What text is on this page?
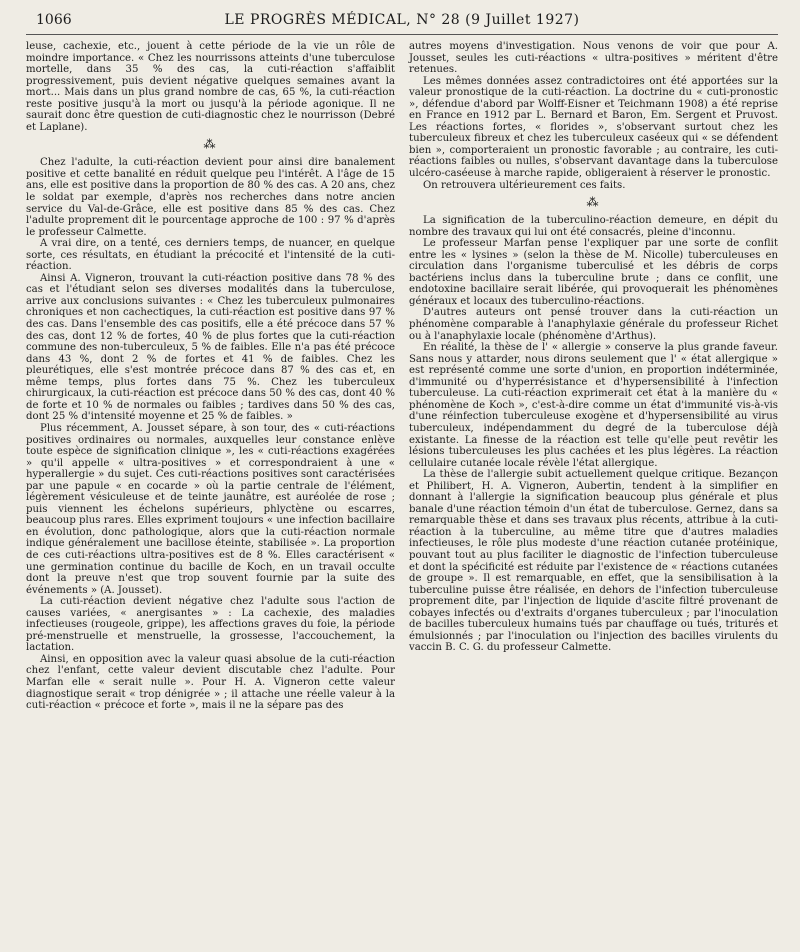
1066	LE PROGRÈS MÉDICAL, N° 28 (9 Juillet 1927)

leuse, cachexie, etc., jouent à cette période de la vie un rôle de moindre importance. « Chez les nourrissons atteints d'une tuberculose mortelle, dans 35 % des cas, la cuti-réaction s'affaiblit progressivement, puis devient négative quelques semaines avant la mort... Mais dans un plus grand nombre de cas, 65 %, la cuti-réaction reste positive jusqu'à la mort ou jusqu'à la période agonique. Il ne saurait donc être question de cuti-diagnostic chez le nourrisson (Debré et Laplane).

⁂

Chez l'adulte, la cuti-réaction devient pour ainsi dire banalement positive et cette banalité en réduit quelque peu l'intérêt. A l'âge de 15 ans, elle est positive dans la proportion de 80 % des cas. A 20 ans, chez le soldat par exemple, d'après nos recherches dans notre ancien service du Val-de-Grâce, elle est positive dans 85 % des cas. Chez l'adulte proprement dit le pourcentage approche de 100 : 97 % d'après le professeur Calmette.

A vrai dire, on a tenté, ces derniers temps, de nuancer, en quelque sorte, ces résultats, en étudiant la précocité et l'intensité de la cuti-réaction.

Ainsi A. Vigneron, trouvant la cuti-réaction positive dans 78 % des cas et l'étudiant selon ses diverses modalités dans la tuberculose, arrive aux conclusions suivantes : « Chez les tuberculeux pulmonaires chroniques et non cachectiques, la cuti-réaction est positive dans 97 % des cas. Dans l'ensemble des cas positifs, elle a été précoce dans 57 % des cas, dont 12 % de fortes, 40 % de plus fortes que la cuti-réaction commune des non-tuberculeux, 5 % de faibles. Elle n'a pas été précoce dans 43 %, dont 2 % de fortes et 41 % de faibles. Chez les pleurétiques, elle s'est montrée précoce dans 87 % des cas et, en même temps, plus fortes dans 75 %. Chez les tuberculeux chirurgicaux, la cuti-réaction est précoce dans 50 % des cas, dont 40 % de forte et 10 % de normales ou faibles ; tardives dans 50 % des cas, dont 25 % d'intensité moyenne et 25 % de faibles. »

Plus récemment, A. Jousset sépare, à son tour, des « cuti-réactions positives ordinaires ou normales, auxquelles leur constance enlève toute espèce de signification clinique », les « cuti-réactions exagérées » qu'il appelle « ultra-positives » et correspondraient à une « hyperallergie » du sujet. Ces cuti-réactions positives sont caractérisées par une papule « en cocarde » où la partie centrale de l'élément, légèrement vésiculeuse et de teinte jaunâtre, est auréolée de rose ; puis viennent les échelons supérieurs, phlyctène ou escarres, beaucoup plus rares. Elles expriment toujours « une infection bacillaire en évolution, donc pathologique, alors que la cuti-réaction normale indique généralement une bacillose éteinte, stabilisée ». La proportion de ces cuti-réactions ultra-positives est de 8 %. Elles caractérisent « une germination continue du bacille de Koch, en un travail occulte dont la preuve n'est que trop souvent fournie par la suite des événements » (A. Jousset).

La cuti-réaction devient négative chez l'adulte sous l'action de causes variées, « anergisantes » : La cachexie, des maladies infectieuses (rougeole, grippe), les affections graves du foie, la période pré-menstruelle et menstruelle, la grossesse, l'accouchement, la lactation.

Ainsi, en opposition avec la valeur quasi absolue de la cuti-réaction chez l'enfant, cette valeur devient discutable chez l'adulte. Pour Marfan elle « serait nulle ». Pour H. A. Vigneron cette valeur diagnostique serait « trop dénigrée » ; il attache une réelle valeur à la cuti-réaction « précoce et forte », mais il ne la sépare pas des

autres moyens d'investigation. Nous venons de voir que pour A. Jousset, seules les cuti-réactions « ultra-positives » méritent d'être retenues.

Les mêmes données assez contradictoires ont été apportées sur la valeur pronostique de la cuti-réaction. La doctrine du « cuti-pronostic », défendue d'abord par Wolff-Eisner et Teichmann 1908) a été reprise en France en 1912 par L. Bernard et Baron, Em. Sergent et Pruvost. Les réactions fortes, « florides », s'observant surtout chez les tuberculeux fibreux et chez les tuberculeux caséeux qui « se défendent bien », comporteraient un pronostic favorable ; au contraire, les cuti-réactions faibles ou nulles, s'observant davantage dans la tuberculose ulcéro-caséeuse à marche rapide, obligeraient à réserver le pronostic.

On retrouvera ultérieurement ces faits.

⁂

La signification de la tuberculino-réaction demeure, en dépit du nombre des travaux qui lui ont été consacrés, pleine d'inconnu.

Le professeur Marfan pense l'expliquer par une sorte de conflit entre les « lysines » (selon la thèse de M. Nicolle) tuberculeuses en circulation dans l'organisme tuberculisé et les débris de corps bactériens inclus dans la tuberculine brute ; dans ce conflit, une endotoxine bacillaire serait libérée, qui provoquerait les phénomènes généraux et locaux des tuberculino-réactions.

D'autres auteurs ont pensé trouver dans la cuti-réaction un phénomène comparable à l'anaphylaxie générale du professeur Richet ou à l'anaphylaxie locale (phénomène d'Arthus).

En réalité, la thèse de l' « allergie » conserve la plus grande faveur. Sans nous y attarder, nous dirons seulement que l' « état allergique » est représenté comme une sorte d'union, en proportion indéterminée, d'immunité ou d'hyperrésistance et d'hypersensibilité à l'infection tuberculeuse. La cuti-réaction exprimerait cet état à la manière du « phénomène de Koch », c'est-à-dire comme un état d'immunité vis-à-vis d'une réinfection tuberculeuse exogène et d'hypersensibilité au virus tuberculeux, indépendamment du degré de la tuberculose déjà existante. La finesse de la réaction est telle qu'elle peut revêtir les lésions tuberculeuses les plus cachées et les plus légères. La réaction cellulaire cutanée locale révèle l'état allergique.

La thèse de l'allergie subit actuellement quelque critique. Bezançon et Philibert, H. A. Vigneron, Aubertin, tendent à la simplifier en donnant à l'allergie la signification beaucoup plus générale et plus banale d'une réaction témoin d'un état de tuberculose. Gernez, dans sa remarquable thèse et dans ses travaux plus récents, attribue à la cuti-réaction à la tuberculine, au même titre que d'autres maladies infectieuses, le rôle plus modeste d'une réaction cutanée protéinique, pouvant tout au plus faciliter le diagnostic de l'infection tuberculeuse et dont la spécificité est réduite par l'existence de « réactions cutanées de groupe ». Il est remarquable, en effet, que la sensibilisation à la tuberculine puisse être réalisée, en dehors de l'infection tuberculeuse proprement dite, par l'injection de liquide d'ascite filtré provenant de cobayes infectés ou d'extraits d'organes tuberculeux ; par l'inoculation de bacilles tuberculeux humains tués par chauffage ou tués, triturés et émulsionnés ; par l'inoculation ou l'injection des bacilles virulents du vaccin B. C. G. du professeur Calmette.
